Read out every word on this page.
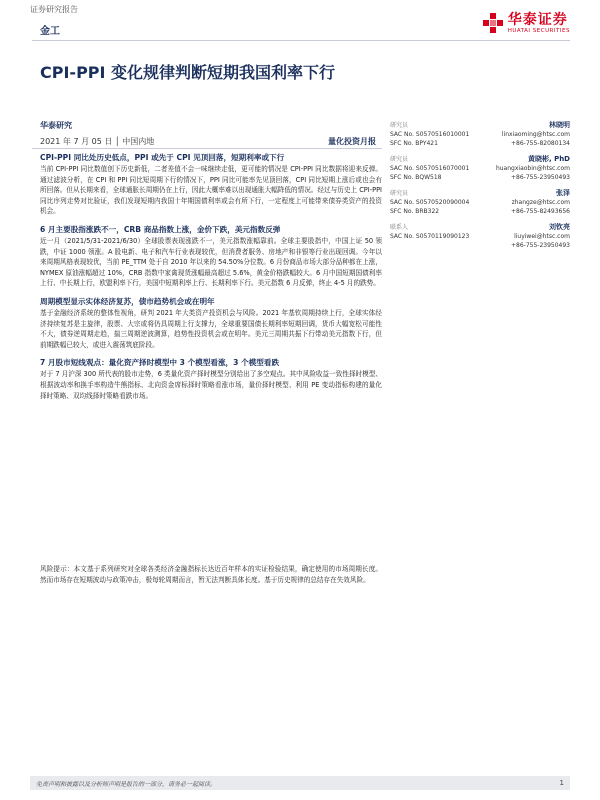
证券研究报告
金工
华泰证券
HUATAI SECURITIES
CPI-PPI 变化规律判断短期我国利率下行
华泰研究
2021 年 7 月 05 日 │ 中国内地	量化投资月报
研究员	林晓明
SAC No. S0570516010001	linxiaoming@htsc.com
SFC No. BPY421	+86-755-82080134
研究员	黄晓彬, PhD
SAC No. S0570516070001	huangxiaobin@htsc.com
SFC No. BQW518	+86-755-23950493
研究员	张泽
SAC No. S0570520090004	zhangze@htsc.com
SFC No. BRB322	+86-755-82493656
联系人	刘钦亮
SAC No. S0570119090123	liuyiwei@htsc.com
+86-755-23950493
CPI-PPI 同比处历史低点，PPI 或先于 CPI 见顶回落，短期利率或下行
当前 CPI-PPI 同比数值创下历史新低，二者差值不会一味继续走低，更可能的情况是 CPI-PPI 同比数据将迎来反弹。通过滤波分析，在 CPI 和 PPI 同比短周期下行的情况下，PPI 同比可能率先见顶回落，CPI 同比短期上涨后或也会有所回落。但从长期来看，全球通胀长周期仍在上行，因此大概率难以出现通胀大幅降低的情况。经过与历史上 CPI-PPI 同比序列走势对比验证，我们发现短期内我国十年期国债利率或会有所下行，一定程度上可能带来债券类资产的投资机会。
6 月主要股指涨跌不一，CRB 商品指数上涨，金价下跌，美元指数反弹
近一月（2021/5/31-2021/6/30）全球股票表现涨跌不一，美元指数涨幅靠前。全球主要股指中，中国上证 50 领跌，中证 1000 领涨。A 股电新、电子和汽车行业表现较优，但消费者服务、房地产和非银等行业出现回调。今年以来周期风格表现较优，当前 PE_TTM 处于自 2010 年以来的 54.50%分位数。6 月份商品市场大部分品种都在上涨，NYMEX 原油涨幅超过 10%，CRB 指数中家禽现货涨幅最高超过 5.6%，黄金价格跌幅较大。6 月中国短期国债利率上行、中长期上行，欧盟利率下行，美国中短期利率上行、长期利率下行。美元指数 6 月反弹，终止 4-5 月的跌势。
周期模型显示实体经济复苏，债市趋势机会或在明年
基于金融经济系统的整体性视角，研判 2021 年大类资产投资机会与风险。2021 年基钦周期持续上行，全球实体经济持续复苏是主旋律，股票、大宗或将仍具周期上行支撑力，全球重要国债长期利率短期回调，货币大幅宽松可能性不大，债券逆周期走趋，揣三周期逆波测算，趋势性投资机会或在明年。美元三周期共振下行带动美元指数下行，但前期跌幅已较大，或进入震荡筑底阶段。
7 月股市短线观点：量化资产择时模型中 3 个模型看涨，3 个模型看跌
对于 7 月沪深 300 所代表的股市走势，6 类量化资产择时模型分别给出了多空观点。其中风险收益一致性择时模型、根据波动率和换手率构造牛熊指标、北向资金席标择时策略看涨市场，量价择时模型、利用 PE 变动指标构建的量化择时策略、双均线择时策略看跌市场。
风险提示：本文基于系列研究对全球各类经济金融指标长达近百年样本的实证检验结果，确定使用的市场周期长度。然而市场存在短期波动与政策冲击，极每轮周期而言，暂无法判断具体长度。基于历史规律的总结存在失效风险。
免责声明和披露以及分析师声明是报告的一部分，请务必一起阅读。	1
